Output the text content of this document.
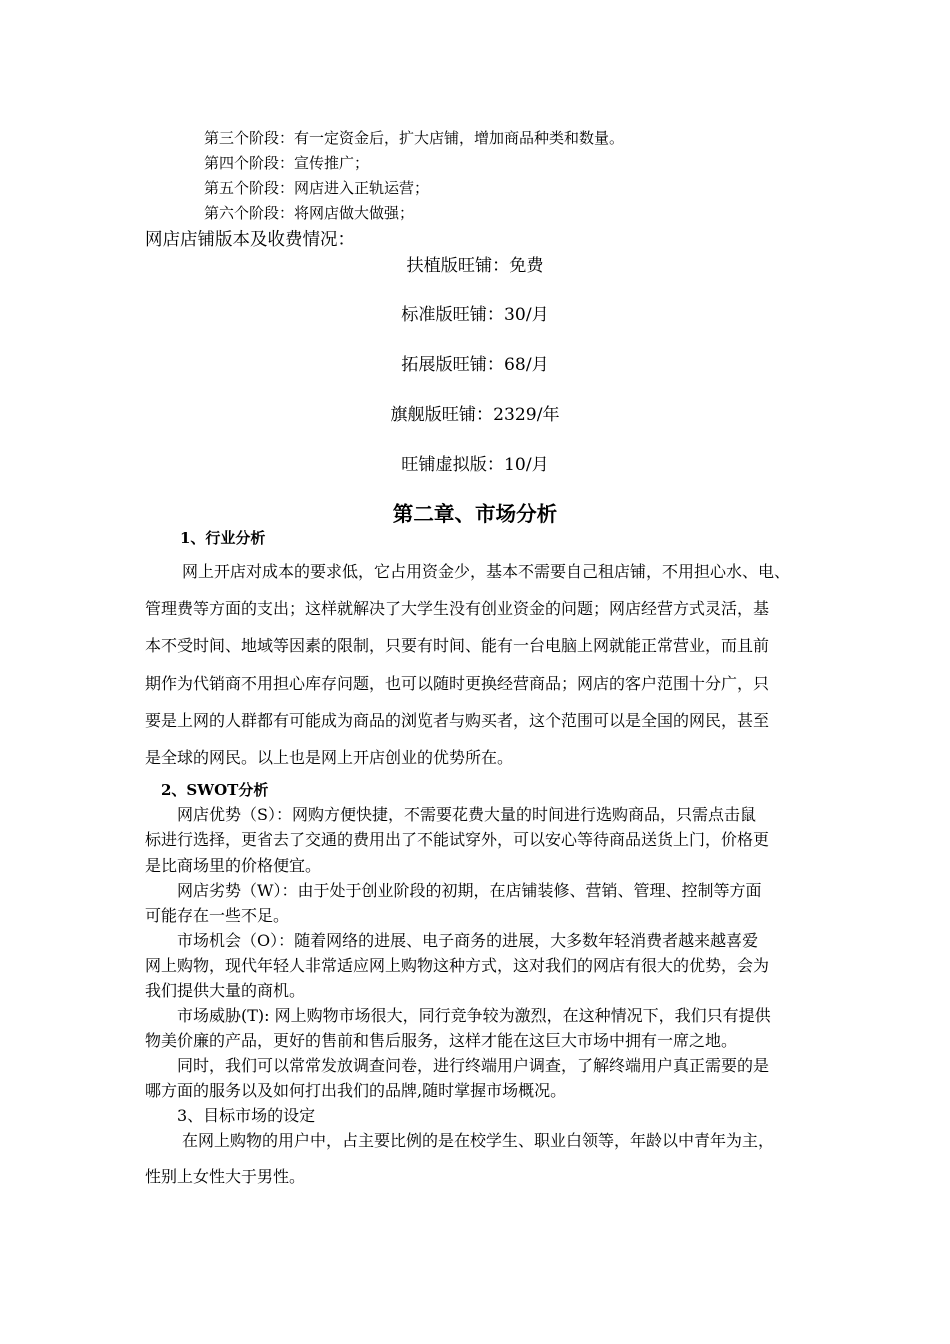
第三个阶段：有一定资金后，扩大店铺，增加商品种类和数量。
第四个阶段：宣传推广；
第五个阶段：网店进入正轨运营；
第六个阶段：将网店做大做强；
网店店铺版本及收费情况：
扶植版旺铺：免费
标准版旺铺：30/月
拓展版旺铺：68/月
旗舰版旺铺：2329/年
旺铺虚拟版：10/月
第二章、市场分析
1、行业分析
网上开店对成本的要求低，它占用资金少，基本不需要自己租店铺，不用担心水、电、
管理费等方面的支出；这样就解决了大学生没有创业资金的问题；网店经营方式灵活，基
本不受时间、地域等因素的限制，只要有时间、能有一台电脑上网就能正常营业，而且前
期作为代销商不用担心库存问题，也可以随时更换经营商品；网店的客户范围十分广，只
要是上网的人群都有可能成为商品的浏览者与购买者，这个范围可以是全国的网民，甚至
是全球的网民。以上也是网上开店创业的优势所在。
2、SWOT分析
网店优势（S）：网购方便快捷，不需要花费大量的时间进行选购商品，只需点击鼠
标进行选择，更省去了交通的费用出了不能试穿外，可以安心等待商品送货上门，价格更
是比商场里的价格便宜。
网店劣势（W）：由于处于创业阶段的初期，在店铺装修、营销、管理、控制等方面
可能存在一些不足。
市场机会（O）：随着网络的进展、电子商务的进展，大多数年轻消费者越来越喜爱
网上购物，现代年轻人非常适应网上购物这种方式，这对我们的网店有很大的优势，会为
我们提供大量的商机。
市场威胁(T): 网上购物市场很大，同行竞争较为激烈，在这种情况下，我们只有提供
物美价廉的产品，更好的售前和售后服务，这样才能在这巨大市场中拥有一席之地。
同时，我们可以常常发放调查问卷，进行终端用户调查，了解终端用户真正需要的是
哪方面的服务以及如何打出我们的品牌,随时掌握市场概况。
3、目标市场的设定
在网上购物的用户中，占主要比例的是在校学生、职业白领等，年龄以中青年为主，
性别上女性大于男性。
